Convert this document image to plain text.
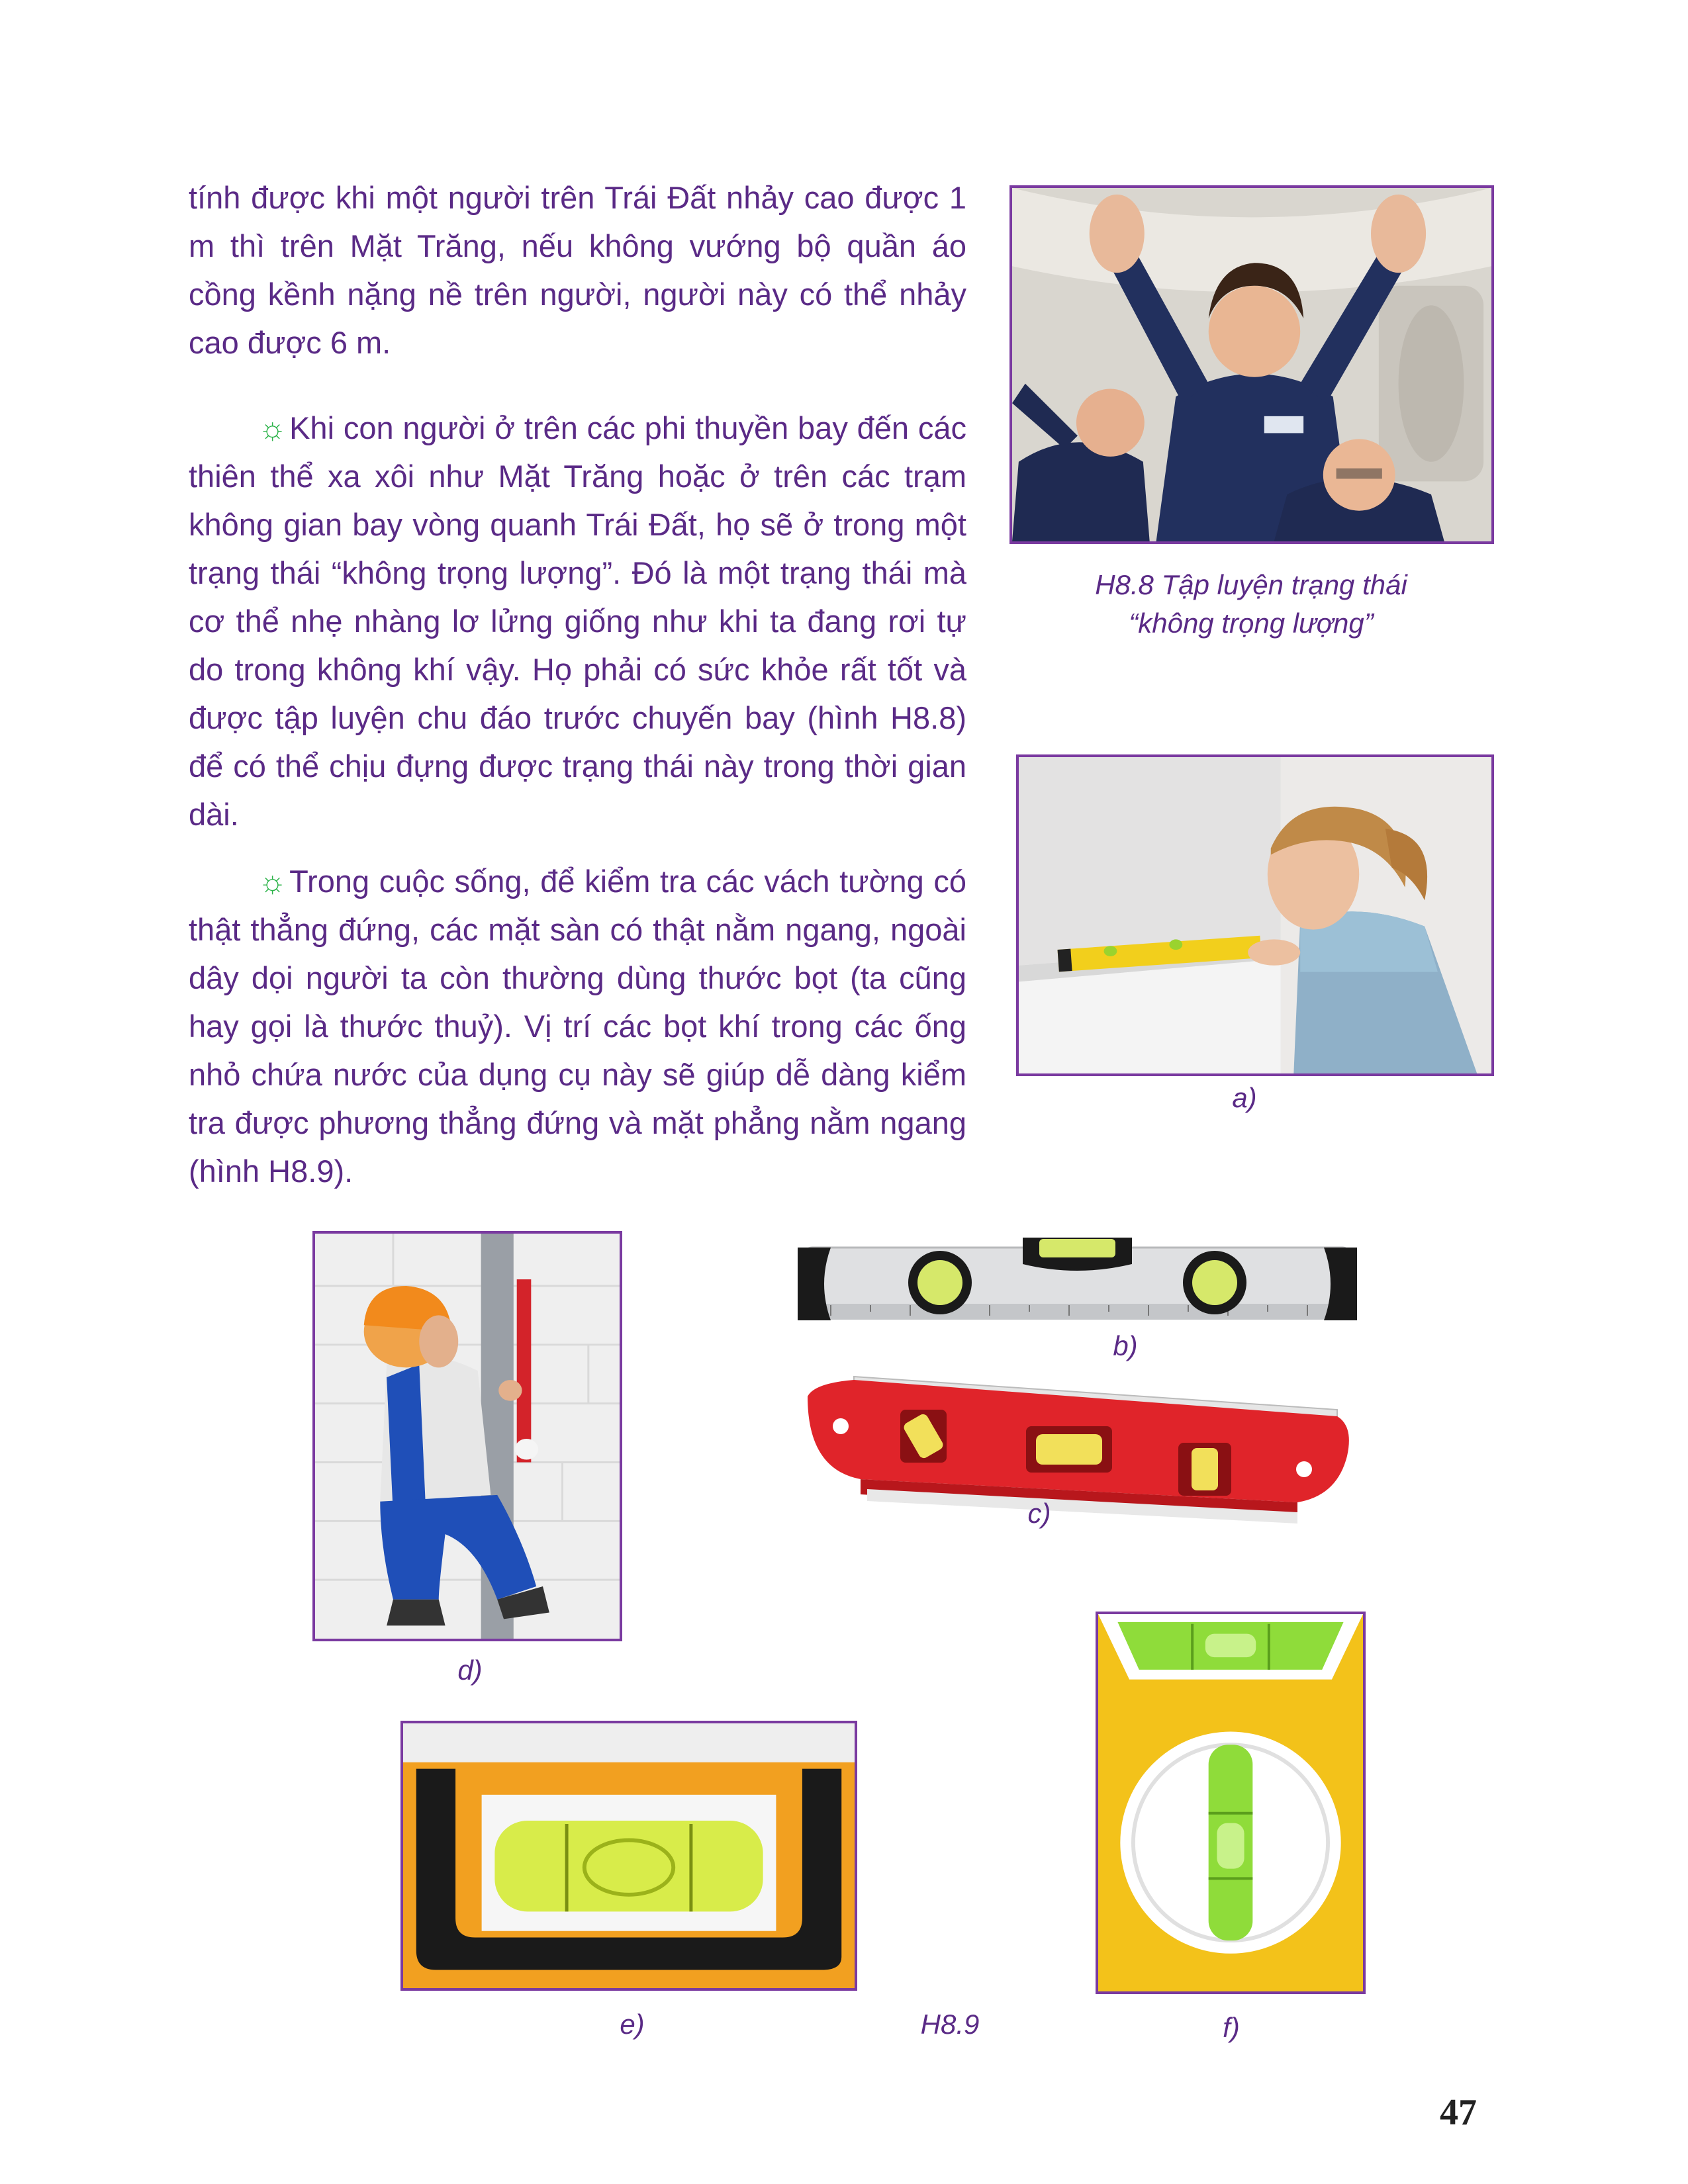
tính được khi một người trên Trái Đất nhảy cao được 1 m thì trên Mặt Trăng, nếu không vướng bộ quần áo cồng kềnh nặng nề trên người, người này có thể nhảy cao được 6 m.

☼Khi con người ở trên các phi thuyền bay đến các thiên thể xa xôi như Mặt Trăng hoặc ở trên các trạm không gian bay vòng quanh Trái Đất, họ sẽ ở trong một trạng thái “không trọng lượng”. Đó là một trạng thái mà cơ thể nhẹ nhàng lơ lửng giống như khi ta đang rơi tự do trong không khí vậy. Họ phải có sức khỏe rất tốt và được tập luyện chu đáo trước chuyến bay (hình H8.8) để có thể chịu đựng được trạng thái này trong thời gian dài.

☼Trong cuộc sống, để kiểm tra các vách tường có thật thẳng đứng, các mặt sàn có thật nằm ngang, ngoài dây dọi người ta còn thường dùng thước bọt (ta cũng hay gọi là thước thuỷ). Vị trí các bọt khí trong các ống nhỏ chứa nước của dụng cụ này sẽ giúp dễ dàng kiểm tra được phương thẳng đứng và mặt phẳng nằm ngang (hình H8.9).

H8.8 Tập luyện trạng thái
“không trọng lượng”
a)
b)
c)
d)
e)	f)
H8.9
47
